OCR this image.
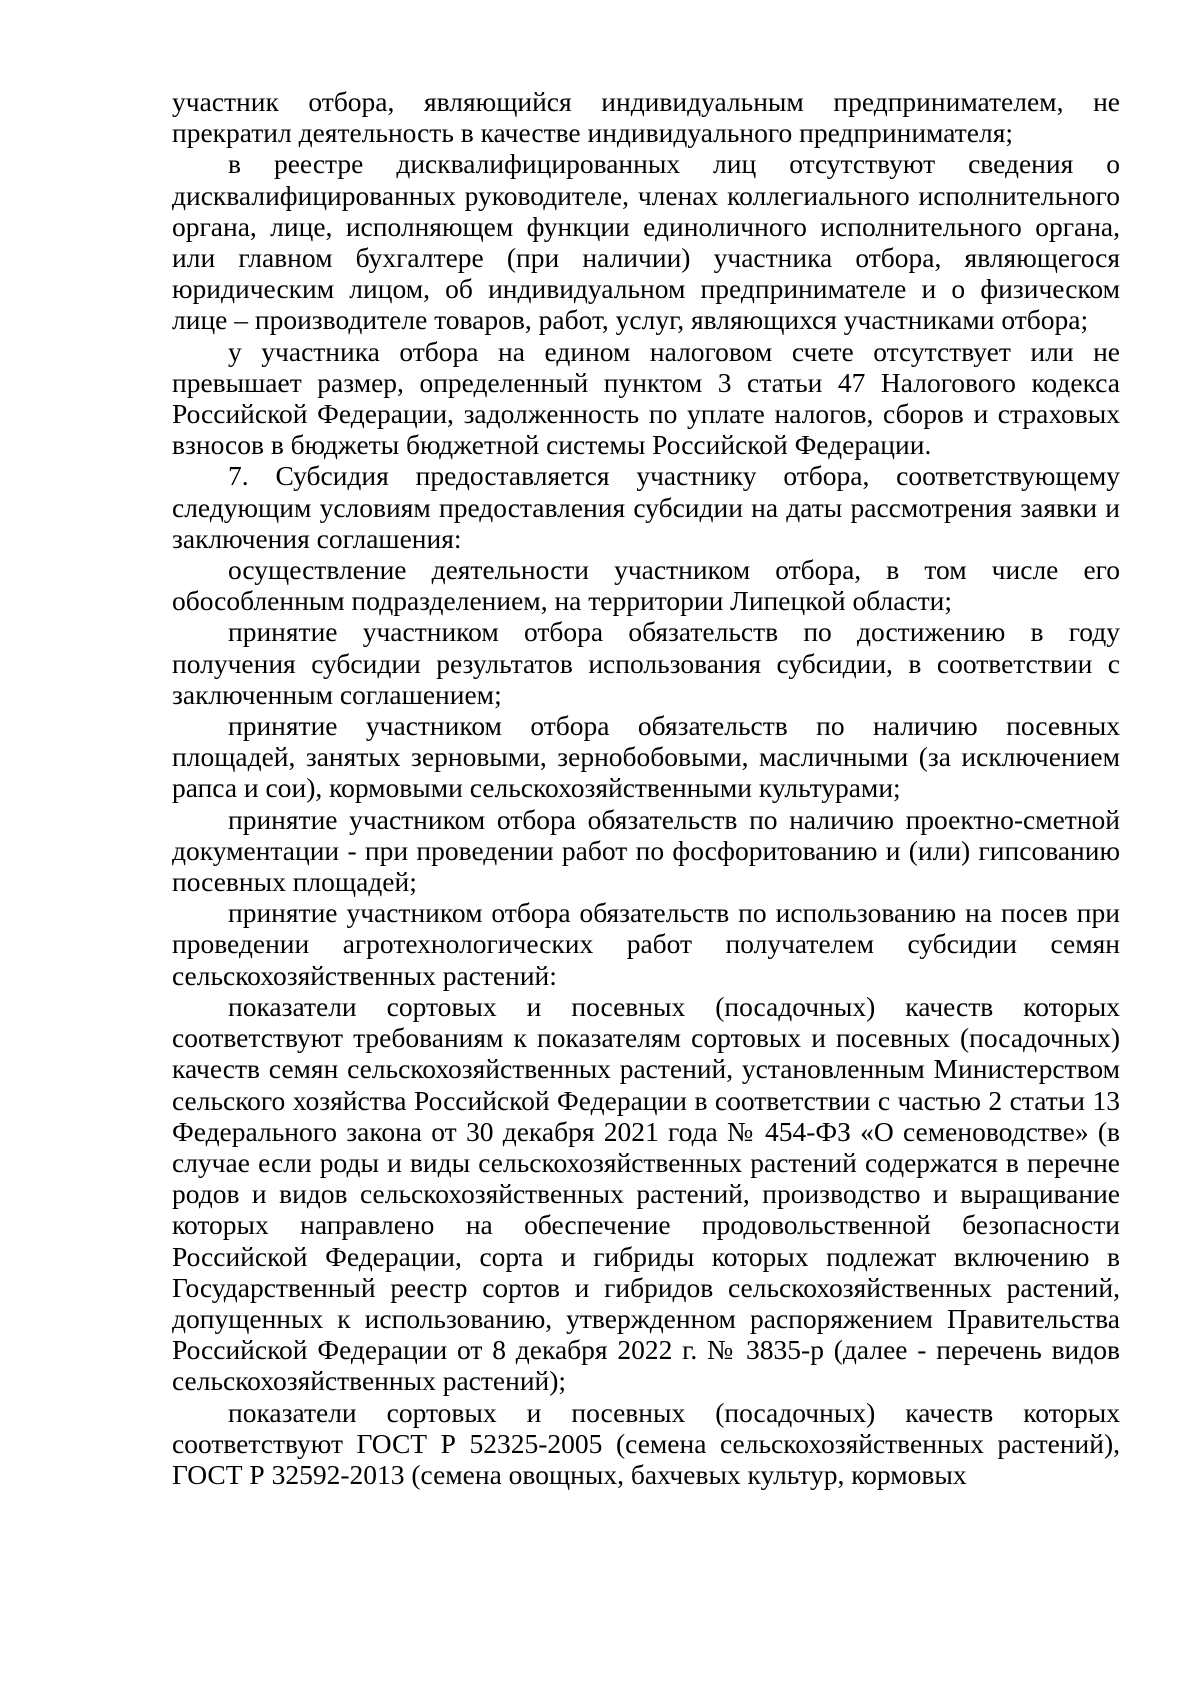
участник отбора, являющийся индивидуальным предпринимателем, не прекратил деятельность в качестве индивидуального предпринимателя;

в реестре дисквалифицированных лиц отсутствуют сведения о дисквалифицированных руководителе, членах коллегиального исполнительного органа, лице, исполняющем функции единоличного исполнительного органа, или главном бухгалтере (при наличии) участника отбора, являющегося юридическим лицом, об индивидуальном предпринимателе и о физическом лице – производителе товаров, работ, услуг, являющихся участниками отбора;

у участника отбора на едином налоговом счете отсутствует или не превышает размер, определенный пунктом 3 статьи 47 Налогового кодекса Российской Федерации, задолженность по уплате налогов, сборов и страховых взносов в бюджеты бюджетной системы Российской Федерации.

7. Субсидия предоставляется участнику отбора, соответствующему следующим условиям предоставления субсидии на даты рассмотрения заявки и заключения соглашения:

осуществление деятельности участником отбора, в том числе его обособленным подразделением, на территории Липецкой области;

принятие участником отбора обязательств по достижению в году получения субсидии результатов использования субсидии, в соответствии с заключенным соглашением;

принятие участником отбора обязательств по наличию посевных площадей, занятых зерновыми, зернобобовыми, масличными (за исключением рапса и сои), кормовыми сельскохозяйственными культурами;

принятие участником отбора обязательств по наличию проектно-сметной документации - при проведении работ по фосфоритованию и (или) гипсованию посевных площадей;

принятие участником отбора обязательств по использованию на посев при проведении агротехнологических работ получателем субсидии семян сельскохозяйственных растений:

показатели сортовых и посевных (посадочных) качеств которых соответствуют требованиям к показателям сортовых и посевных (посадочных) качеств семян сельскохозяйственных растений, установленным Министерством сельского хозяйства Российской Федерации в соответствии с частью 2 статьи 13 Федерального закона от 30 декабря 2021 года № 454-ФЗ «О семеноводстве» (в случае если роды и виды сельскохозяйственных растений содержатся в перечне родов и видов сельскохозяйственных растений, производство и выращивание которых направлено на обеспечение продовольственной безопасности Российской Федерации, сорта и гибриды которых подлежат включению в Государственный реестр сортов и гибридов сельскохозяйственных растений, допущенных к использованию, утвержденном распоряжением Правительства Российской Федерации от 8 декабря 2022 г. № 3835-р (далее - перечень видов сельскохозяйственных растений);

показатели сортовых и посевных (посадочных) качеств которых соответствуют ГОСТ Р 52325-2005 (семена сельскохозяйственных растений), ГОСТ Р 32592-2013 (семена овощных, бахчевых культур, кормовых
